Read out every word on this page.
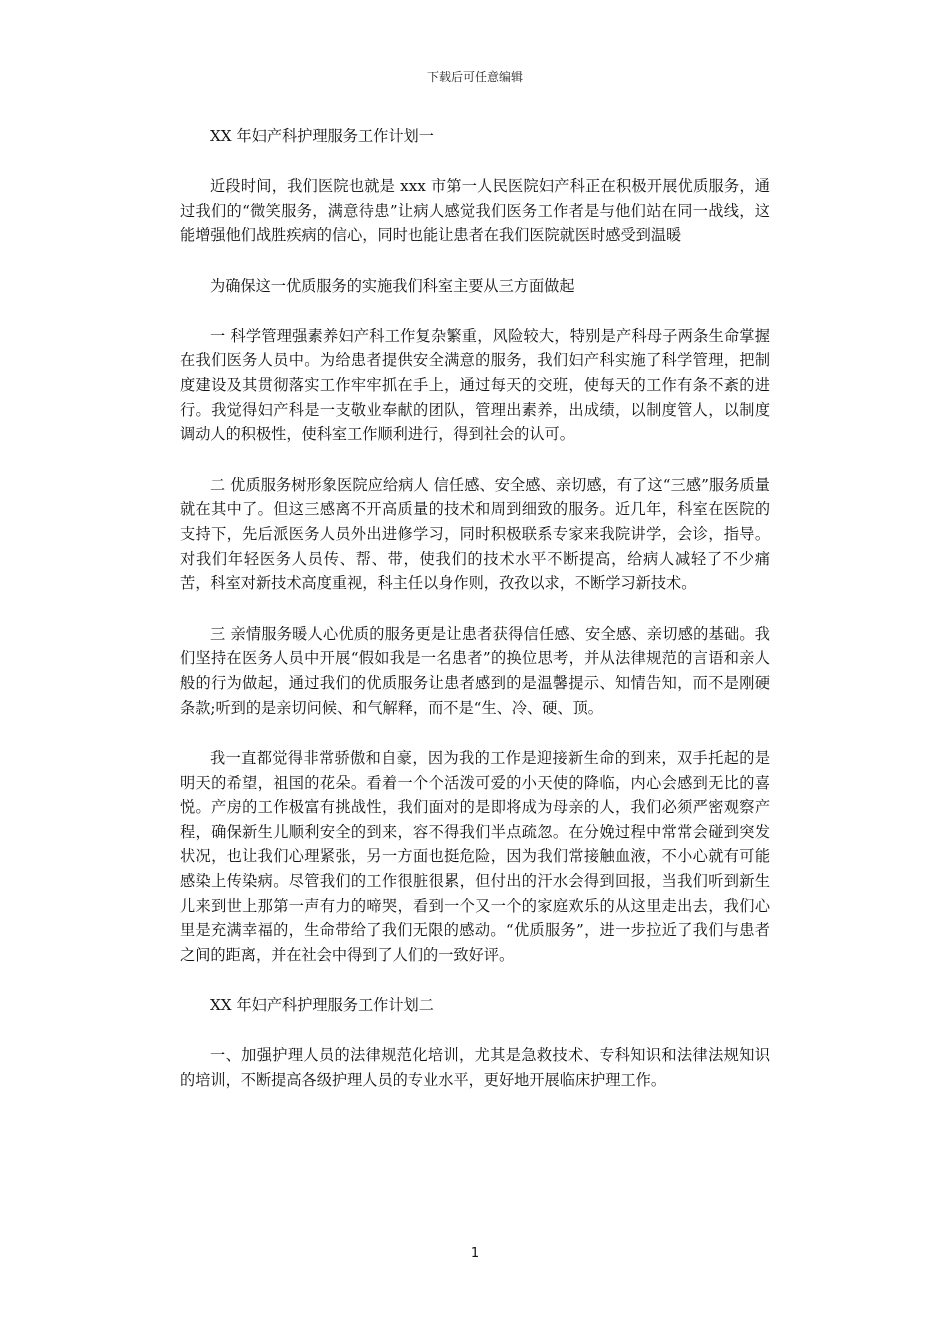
下载后可任意编辑

XX 年妇产科护理服务工作计划一

近段时间，我们医院也就是 xxx 市第一人民医院妇产科正在积极开展优质服务，通过我们的“微笑服务，满意待患”让病人感觉我们医务工作者是与他们站在同一战线，这能增强他们战胜疾病的信心，同时也能让患者在我们医院就医时感受到温暖

为确保这一优质服务的实施我们科室主要从三方面做起

一 科学管理强素养妇产科工作复杂繁重，风险较大，特别是产科母子两条生命掌握在我们医务人员中。为给患者提供安全满意的服务，我们妇产科实施了科学管理，把制度建设及其贯彻落实工作牢牢抓在手上，通过每天的交班，使每天的工作有条不紊的进行。我觉得妇产科是一支敬业奉献的团队，管理出素养，出成绩，以制度管人，以制度调动人的积极性，使科室工作顺利进行，得到社会的认可。

二 优质服务树形象医院应给病人 信任感、安全感、亲切感，有了这“三感”服务质量就在其中了。但这三感离不开高质量的技术和周到细致的服务。近几年，科室在医院的支持下，先后派医务人员外出进修学习，同时积极联系专家来我院讲学，会诊，指导。对我们年轻医务人员传、帮、带，使我们的技术水平不断提高，给病人减轻了不少痛苦，科室对新技术高度重视，科主任以身作则，孜孜以求，不断学习新技术。

三 亲情服务暖人心优质的服务更是让患者获得信任感、安全感、亲切感的基础。我们坚持在医务人员中开展“假如我是一名患者”的换位思考，并从法律规范的言语和亲人般的行为做起，通过我们的优质服务让患者感到的是温馨提示、知情告知，而不是刚硬条款;听到的是亲切问候、和气解释，而不是“生、冷、硬、顶。

我一直都觉得非常骄傲和自豪，因为我的工作是迎接新生命的到来，双手托起的是明天的希望，祖国的花朵。看着一个个活泼可爱的小天使的降临，内心会感到无比的喜悦。产房的工作极富有挑战性，我们面对的是即将成为母亲的人，我们必须严密观察产程，确保新生儿顺利安全的到来，容不得我们半点疏忽。在分娩过程中常常会碰到突发状况，也让我们心理紧张，另一方面也挺危险，因为我们常接触血液，不小心就有可能感染上传染病。尽管我们的工作很脏很累，但付出的汗水会得到回报，当我们听到新生儿来到世上那第一声有力的啼哭，看到一个又一个的家庭欢乐的从这里走出去，我们心里是充满幸福的，生命带给了我们无限的感动。“优质服务”，进一步拉近了我们与患者之间的距离，并在社会中得到了人们的一致好评。

XX 年妇产科护理服务工作计划二

一、加强护理人员的法律规范化培训，尤其是急救技术、专科知识和法律法规知识的培训，不断提高各级护理人员的专业水平，更好地开展临床护理工作。

1
